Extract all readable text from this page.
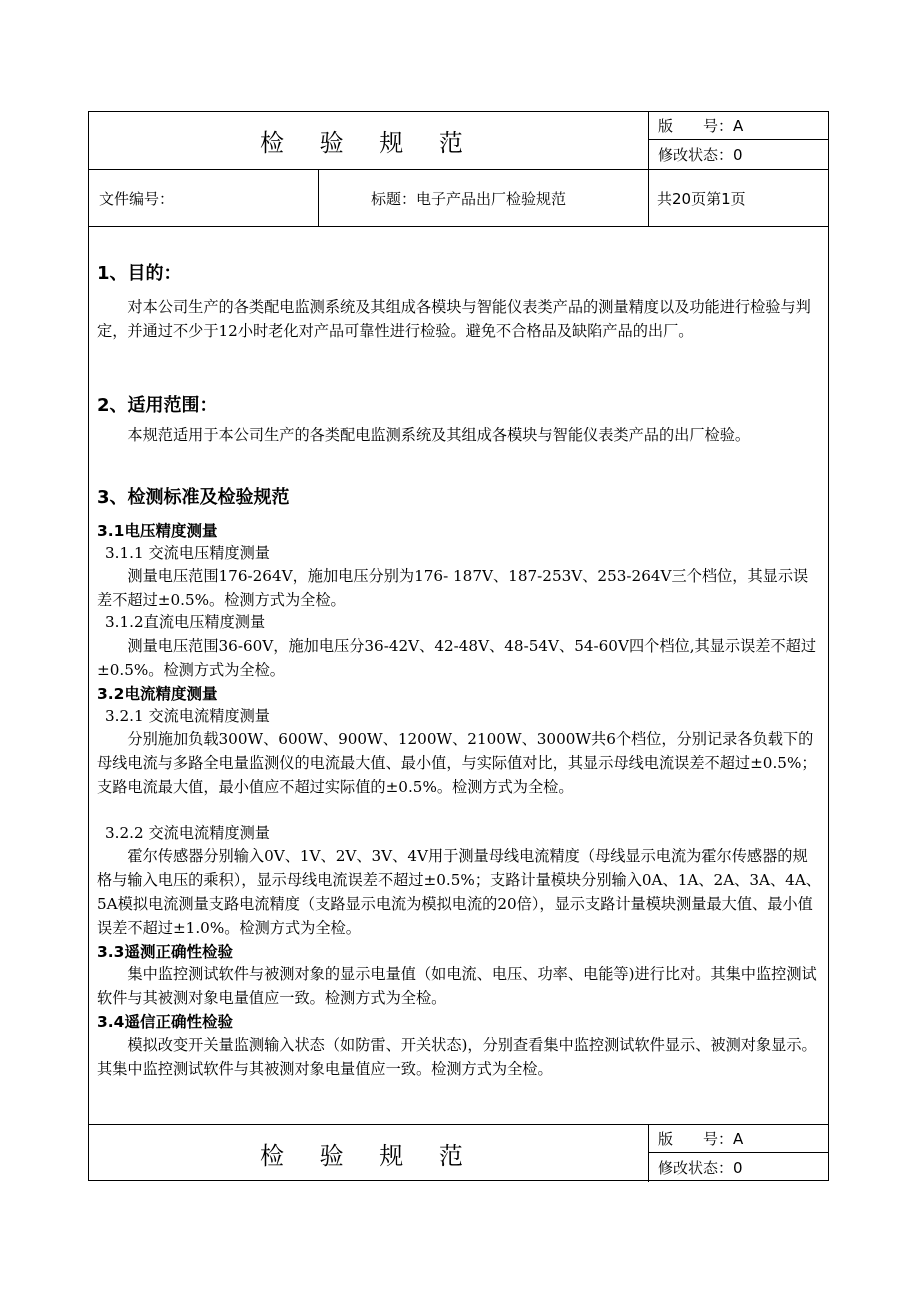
检 验 规 范
版　　号：A
修改状态：0
文件编号：	标题：电子产品出厂检验规范	共20页第1页

1、目的：

　　对本公司生产的各类配电监测系统及其组成各模块与智能仪表类产品的测量精度以及功能进行检验与判定，并通过不少于12小时老化对产品可靠性进行检验。避免不合格品及缺陷产品的出厂。

2、适用范围：

　　本规范适用于本公司生产的各类配电监测系统及其组成各模块与智能仪表类产品的出厂检验。

3、检测标准及检验规范

3.1电压精度测量

3.1.1 交流电压精度测量

　　测量电压范围176-264V，施加电压分别为176- 187V、187-253V、253-264V三个档位，其显示误差不超过±0.5%。检测方式为全检。

3.1.2直流电压精度测量

　　测量电压范围36-60V，施加电压分36-42V、42-48V、48-54V、54-60V四个档位,其显示误差不超过±0.5%。检测方式为全检。

3.2电流精度测量

3.2.1 交流电流精度测量

　　分别施加负载300W、600W、900W、1200W、2100W、3000W共6个档位，分别记录各负载下的母线电流与多路全电量监测仪的电流最大值、最小值，与实际值对比，其显示母线电流误差不超过±0.5%；支路电流最大值，最小值应不超过实际值的±0.5%。检测方式为全检。

3.2.2 交流电流精度测量

　　霍尔传感器分别输入0V、1V、2V、3V、4V用于测量母线电流精度（母线显示电流为霍尔传感器的规格与输入电压的乘积），显示母线电流误差不超过±0.5%；支路计量模块分别输入0A、1A、2A、3A、4A、5A模拟电流测量支路电流精度（支路显示电流为模拟电流的20倍），显示支路计量模块测量最大值、最小值误差不超过±1.0%。检测方式为全检。

3.3遥测正确性检验

　　集中监控测试软件与被测对象的显示电量值（如电流、电压、功率、电能等)进行比对。其集中监控测试软件与其被测对象电量值应一致。检测方式为全检。

3.4遥信正确性检验

　　模拟改变开关量监测输入状态（如防雷、开关状态)，分别查看集中监控测试软件显示、被测对象显示。其集中监控测试软件与其被测对象电量值应一致。检测方式为全检。

检 验 规 范
版　　号：A
修改状态：0
